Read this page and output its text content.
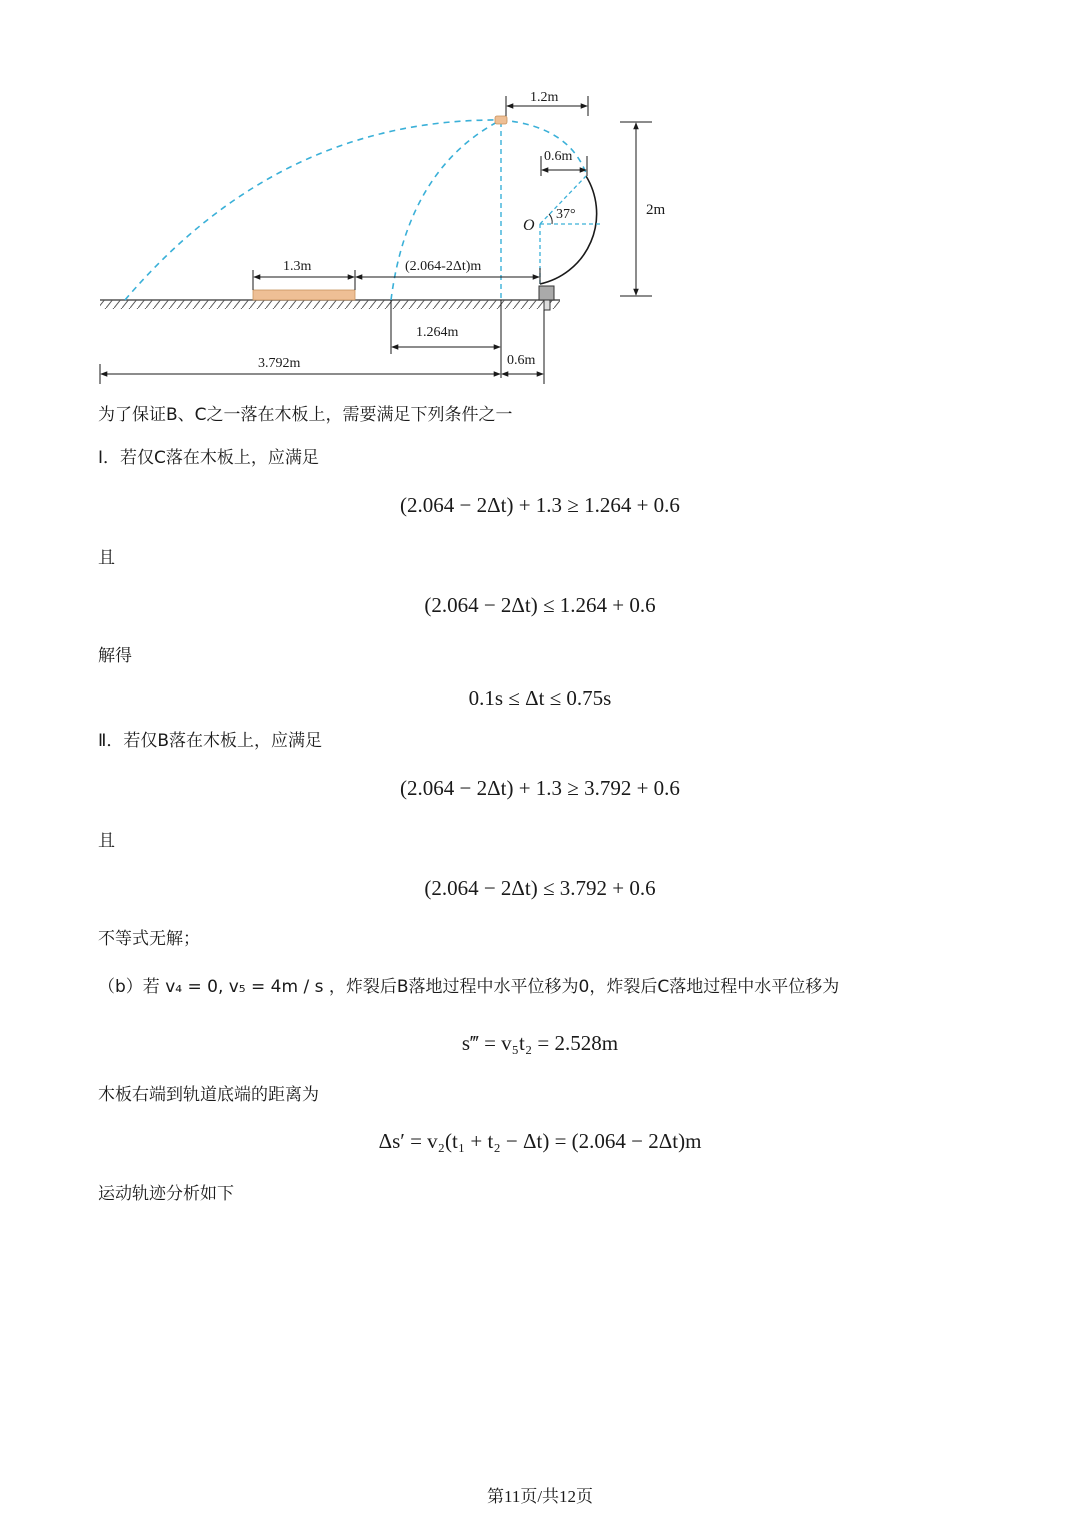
1.2m
0.6m
2m
37°
O
1.3m	(2.064-2Δt)m
1.264m
3.792m	0.6m
为了保证B、C之一落在木板上，需要满足下列条件之一
Ⅰ．若仅C落在木板上，应满足
(2.064 − 2Δt) + 1.3 ≥ 1.264 + 0.6
且
(2.064 − 2Δt) ≤ 1.264 + 0.6
解得
0.1s ≤ Δt ≤ 0.75s
Ⅱ．若仅B落在木板上，应满足
(2.064 − 2Δt) + 1.3 ≥ 3.792 + 0.6
且
(2.064 − 2Δt) ≤ 3.792 + 0.6
不等式无解；
（b）若 v₄ = 0, v₅ = 4m / s ，炸裂后B落地过程中水平位移为0，炸裂后C落地过程中水平位移为
s‴ = v₅t₂ = 2.528m
木板右端到轨道底端的距离为
Δs′ = v₂(t₁ + t₂ − Δt) = (2.064 − 2Δt)m
运动轨迹分析如下
第11页/共12页
